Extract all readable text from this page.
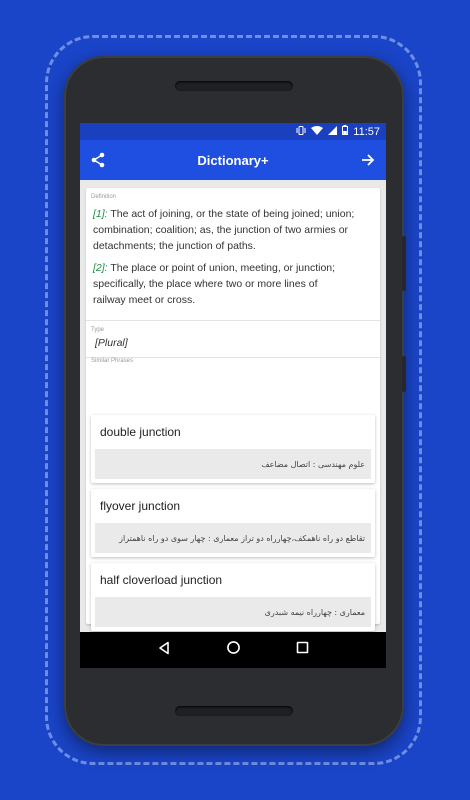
11:57
Dictionary+
Definition
[1]: The act of joining, or the state of being joined; union;
combination; coalition; as, the junction of two armies or
detachments; the junction of paths.
[2]: The place or point of union, meeting, or junction;
specifically, the place where two or more lines of
railway meet or cross.
Type
[Plural]
Similar Phrases
double junction
علوم مهندسی : اتصال مضاعف
flyover junction
تقاطع دو راه ناهمکف،چهارراه دو تراز معماری : چهار سوی دو راه ناهمتراز
half cloverload junction
معماری : چهارراه نیمه شبدری
